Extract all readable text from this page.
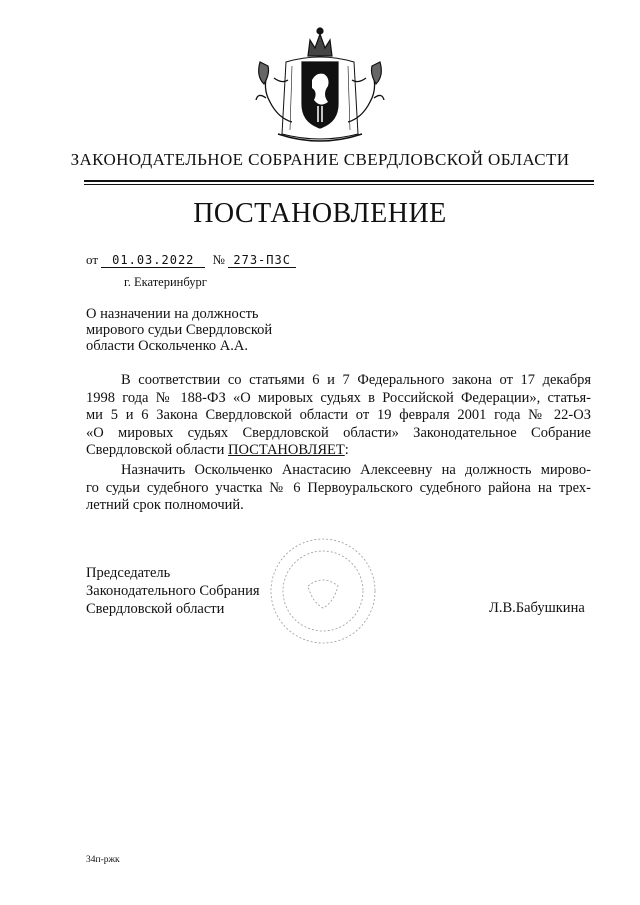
ЗАКОНОДАТЕЛЬНОЕ СОБРАНИЕ СВЕРДЛОВСКОЙ ОБЛАСТИ
ПОСТАНОВЛЕНИЕ
от 01.03.2022 № 273-ПЗС
г. Екатеринбург
О назначении на должность
мирового судьи Свердловской
области Оскольченко А.А.
В соответствии со статьями 6 и 7 Федерального закона от 17 декабря
1998 года № 188-ФЗ «О мировых судьях в Российской Федерации», статья-
ми 5 и 6 Закона Свердловской области от 19 февраля 2001 года № 22-ОЗ
«О мировых судьях Свердловской области» Законодательное Собрание
Свердловской области ПОСТАНОВЛЯЕТ:
Назначить Оскольченко Анастасию Алексеевну на должность мирово-
го судьи судебного участка № 6 Первоуральского судебного района на трех-
летний срок полномочий.
Председатель
Законодательного Собрания
Свердловской области	Л.В.Бабушкина
34п-ржк
